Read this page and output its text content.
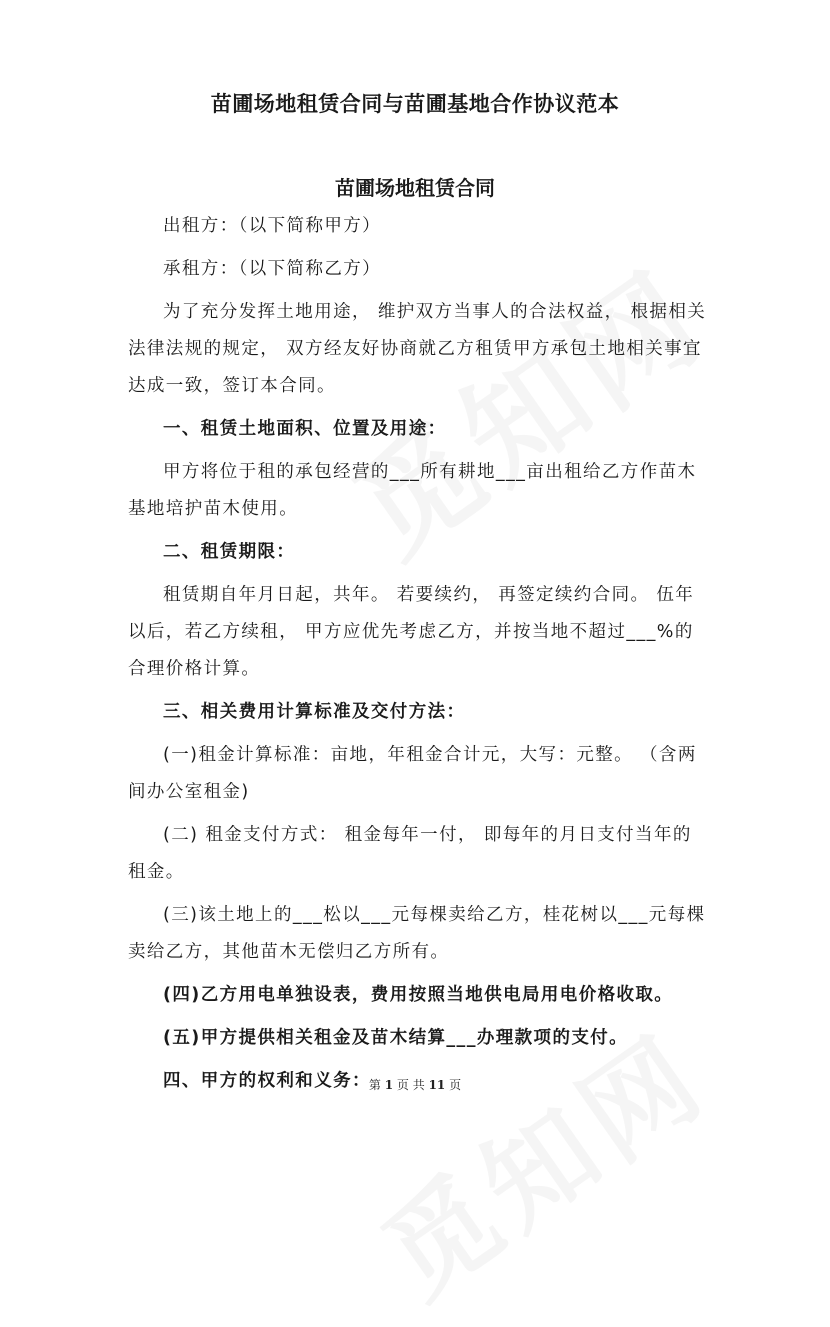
苗圃场地租赁合同与苗圃基地合作协议范本
苗圃场地租赁合同

出租方：（以下简称甲方）

承租方：（以下简称乙方）

为了充分发挥土地用途， 维护双方当事人的合法权益， 根据相关法律法规的规定， 双方经友好协商就乙方租赁甲方承包土地相关事宜达成一致，签订本合同。

一、租赁土地面积、位置及用途：

甲方将位于租的承包经营的___所有耕地___亩出租给乙方作苗木基地培护苗木使用。

二、租赁期限：

租赁期自年月日起，共年。 若要续约， 再签定续约合同。 伍年以后，若乙方续租， 甲方应优先考虑乙方，并按当地不超过___%的合理价格计算。

三、相关费用计算标准及交付方法：

(一)租金计算标准：亩地，年租金合计元，大写：元整。 （含两间办公室租金)

(二) 租金支付方式： 租金每年一付， 即每年的月日支付当年的租金。

(三)该土地上的___松以___元每棵卖给乙方，桂花树以___元每棵卖给乙方，其他苗木无偿归乙方所有。

(四)乙方用电单独设表，费用按照当地供电局用电价格收取。

(五)甲方提供相关租金及苗木结算___办理款项的支付。

四、甲方的权利和义务：

第 1 页 共 11 页
